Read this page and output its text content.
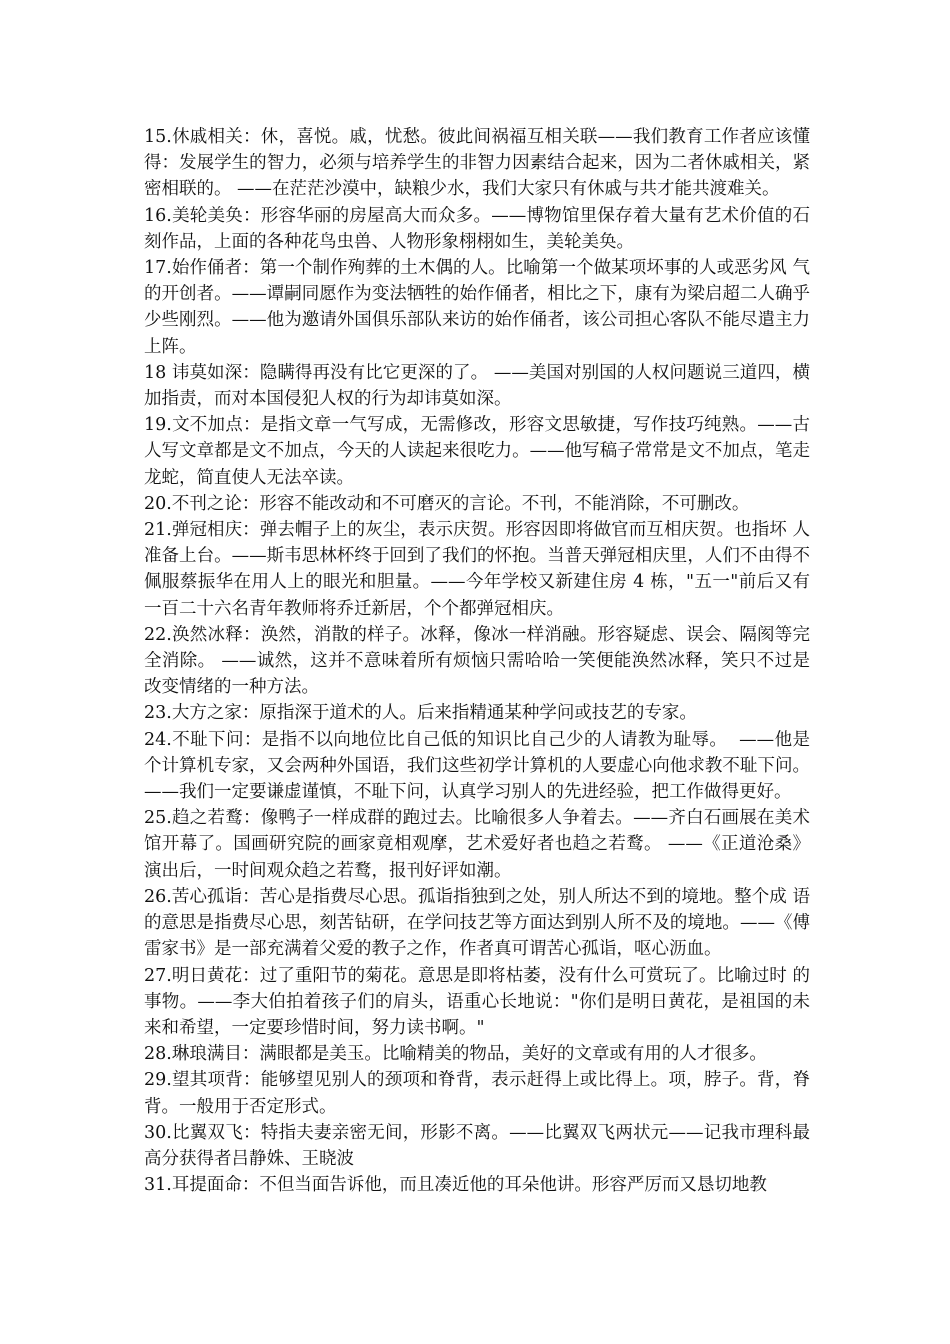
15.休戚相关：休，喜悦。戚，忧愁。彼此间祸福互相关联——我们教育工作者应该懂得：发展学生的智力，必须与培养学生的非智力因素结合起来，因为二者休戚相关，紧密相联的。 ——在茫茫沙漠中，缺粮少水，我们大家只有休戚与共才能共渡难关。

16.美轮美奂：形容华丽的房屋高大而众多。——博物馆里保存着大量有艺术价值的石刻作品，上面的各种花鸟虫兽、人物形象栩栩如生，美轮美奂。

17.始作俑者：第一个制作殉葬的土木偶的人。比喻第一个做某项坏事的人或恶劣风 气的开创者。——谭嗣同愿作为变法牺牲的始作俑者，相比之下，康有为梁启超二人确乎少些刚烈。——他为邀请外国俱乐部队来访的始作俑者，该公司担心客队不能尽遣主力上阵。

18 讳莫如深：隐瞒得再没有比它更深的了。 ——美国对别国的人权问题说三道四，横加指责，而对本国侵犯人权的行为却讳莫如深。

19.文不加点：是指文章一气写成，无需修改，形容文思敏捷，写作技巧纯熟。——古人写文章都是文不加点，今天的人读起来很吃力。——他写稿子常常是文不加点，笔走龙蛇，简直使人无法卒读。

20.不刊之论：形容不能改动和不可磨灭的言论。不刊，不能消除，不可删改。

21.弹冠相庆：弹去帽子上的灰尘，表示庆贺。形容因即将做官而互相庆贺。也指坏 人准备上台。——斯韦思林杯终于回到了我们的怀抱。当普天弹冠相庆里，人们不由得不佩服蔡振华在用人上的眼光和胆量。——今年学校又新建住房 4 栋，"五一"前后又有一百二十六名青年教师将乔迁新居，个个都弹冠相庆。

22.涣然冰释：涣然，消散的样子。冰释，像冰一样消融。形容疑虑、误会、隔阂等完全消除。 ——诚然，这并不意味着所有烦恼只需哈哈一笑便能涣然冰释，笑只不过是改变情绪的一种方法。

23.大方之家：原指深于道术的人。后来指精通某种学问或技艺的专家。

24.不耻下问：是指不以向地位比自己低的知识比自己少的人请教为耻辱。  ——他是个计算机专家，又会两种外国语，我们这些初学计算机的人要虚心向他求教不耻下问。——我们一定要谦虚谨慎，不耻下问，认真学习别人的先进经验，把工作做得更好。

25.趋之若鹜：像鸭子一样成群的跑过去。比喻很多人争着去。——齐白石画展在美术馆开幕了。国画研究院的画家竟相观摩，艺术爱好者也趋之若鹜。 ——《正道沧桑》演出后，一时间观众趋之若鹜，报刊好评如潮。

26.苦心孤诣：苦心是指费尽心思。孤诣指独到之处，别人所达不到的境地。整个成 语的意思是指费尽心思，刻苦钻研，在学问技艺等方面达到别人所不及的境地。——《傅雷家书》是一部充满着父爱的教子之作，作者真可谓苦心孤诣，呕心沥血。

27.明日黄花：过了重阳节的菊花。意思是即将枯萎，没有什么可赏玩了。比喻过时 的事物。——李大伯拍着孩子们的肩头，语重心长地说："你们是明日黄花，是祖国的未来和希望，一定要珍惜时间，努力读书啊。"

28.琳琅满目：满眼都是美玉。比喻精美的物品，美好的文章或有用的人才很多。

29.望其项背：能够望见别人的颈项和脊背，表示赶得上或比得上。项，脖子。背，脊背。一般用于否定形式。

30.比翼双飞：特指夫妻亲密无间，形影不离。——比翼双飞两状元——记我市理科最高分获得者吕静姝、王晓波

31.耳提面命：不但当面告诉他，而且凑近他的耳朵他讲。形容严厉而又恳切地教
